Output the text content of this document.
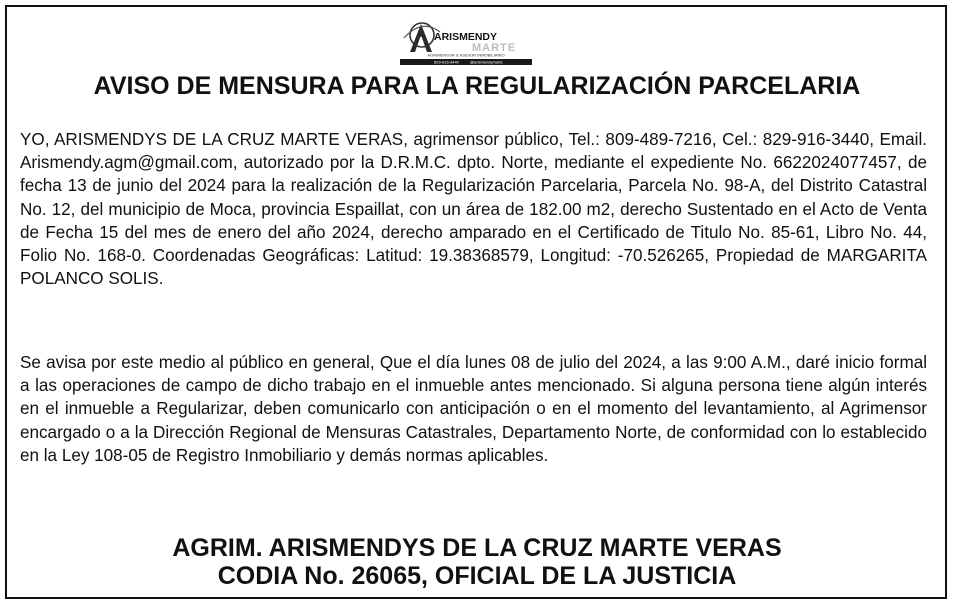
ARISMENDY
MARTE
AGRIMENSOR & ASESOR INMOBILIARIO
829-916-3440	@arismendymarte
AVISO DE MENSURA PARA LA REGULARIZACIÓN PARCELARIA

YO, ARISMENDYS DE LA CRUZ MARTE VERAS, agrimensor público, Tel.: 809-489-7216, Cel.: 829-916-3440, Email. Arismendy.agm@gmail.com, autorizado por la D.R.M.C. dpto. Norte, mediante el expediente No. 6622024077457, de fecha 13 de junio del 2024 para la realización de la Regularización Parcelaria, Parcela No. 98-A, del Distrito Catastral No. 12, del municipio de Moca, provincia Espaillat, con un área de 182.00 m2, derecho Sustentado en el Acto de Venta de Fecha 15 del mes de enero del año 2024, derecho amparado en el Certificado de Titulo No. 85-61, Libro No. 44, Folio No. 168-0. Coordenadas Geográficas: Latitud: 19.38368579, Longitud: -70.526265, Propiedad de MARGARITA POLANCO SOLIS.

Se avisa por este medio al público en general, Que el día lunes 08 de julio del 2024, a las 9:00 A.M., daré inicio formal a las operaciones de campo de dicho trabajo en el inmueble antes mencionado. Si alguna persona tiene algún interés en el inmueble a Regularizar, deben comunicarlo con anticipación o en el momento del levantamiento, al Agrimensor encargado o a la Dirección Regional de Mensuras Catastrales, Departamento Norte, de conformidad con lo establecido en la Ley 108-05 de Registro Inmobiliario y demás normas aplicables.

AGRIM. ARISMENDYS DE LA CRUZ MARTE VERAS
CODIA No. 26065, OFICIAL DE LA JUSTICIA
